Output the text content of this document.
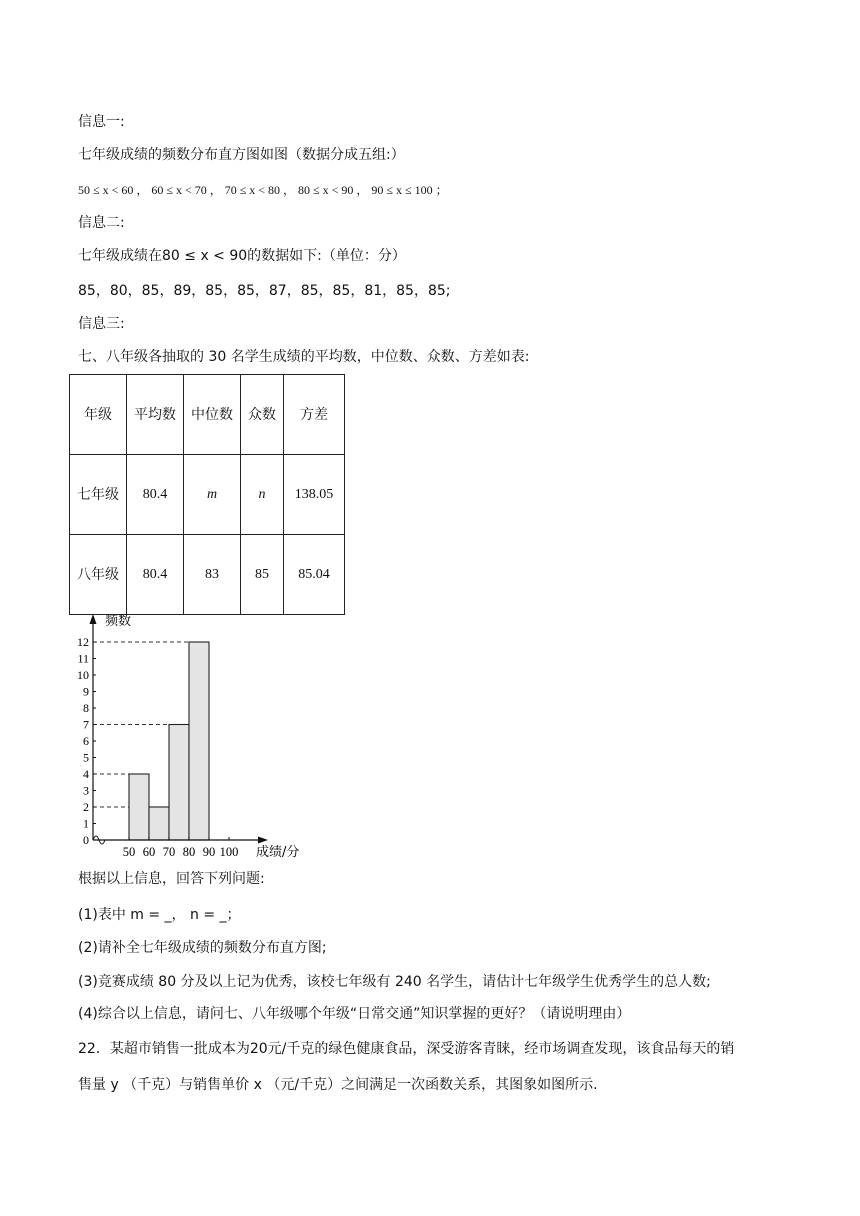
信息一:
七年级成绩的频数分布直方图如图（数据分成五组:）
50 ≤ x < 60 ， 60 ≤ x < 70 ， 70 ≤ x < 80 ， 80 ≤ x < 90 ， 90 ≤ x ≤ 100 ；
信息二:
七年级成绩在80 ≤ x < 90的数据如下:（单位：分）
85，80，85，89，85，85，87，85，85，81，85，85;
信息三:
七、八年级各抽取的 30 名学生成绩的平均数，中位数、众数、方差如表:
年级	平均数	中位数	众数	方差
七年级	80.4	m	n	138.05
八年级	80.4	83	85	85.04
0
1
2
3
4
5
6
7
8
9
10
11
12
50 60 70 80 90 100
频数
成绩/分
根据以上信息，回答下列问题:
(1)表中 m = _， n = _；
(2)请补全七年级成绩的频数分布直方图;
(3)竞赛成绩 80 分及以上记为优秀，该校七年级有 240 名学生，请估计七年级学生优秀学生的总人数;
(4)综合以上信息，请问七、八年级哪个年级“日常交通”知识掌握的更好？（请说明理由）
22．某超市销售一批成本为20元/千克的绿色健康食品，深受游客青睐，经市场调查发现，该食品每天的销
售量 y （千克）与销售单价 x （元/千克）之间满足一次函数关系，其图象如图所示.
